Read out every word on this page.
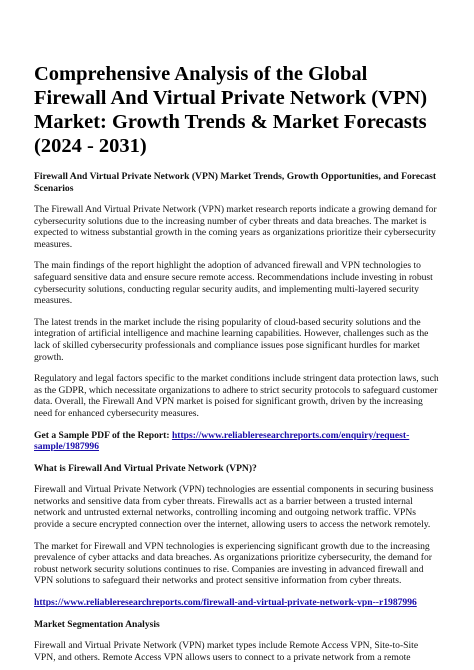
Comprehensive Analysis of the Global Firewall And Virtual Private Network (VPN) Market: Growth Trends & Market Forecasts (2024 - 2031)
Firewall And Virtual Private Network (VPN) Market Trends, Growth Opportunities, and Forecast Scenarios

The Firewall And Virtual Private Network (VPN) market research reports indicate a growing demand for cybersecurity solutions due to the increasing number of cyber threats and data breaches. The market is expected to witness substantial growth in the coming years as organizations prioritize their cybersecurity measures.

The main findings of the report highlight the adoption of advanced firewall and VPN technologies to safeguard sensitive data and ensure secure remote access. Recommendations include investing in robust cybersecurity solutions, conducting regular security audits, and implementing multi-layered security measures.

The latest trends in the market include the rising popularity of cloud-based security solutions and the integration of artificial intelligence and machine learning capabilities. However, challenges such as the lack of skilled cybersecurity professionals and compliance issues pose significant hurdles for market growth.

Regulatory and legal factors specific to the market conditions include stringent data protection laws, such as the GDPR, which necessitate organizations to adhere to strict security protocols to safeguard customer data. Overall, the Firewall And VPN market is poised for significant growth, driven by the increasing need for enhanced cybersecurity measures.

Get a Sample PDF of the Report: https://www.reliableresearchreports.com/enquiry/request-sample/1987996

What is Firewall And Virtual Private Network (VPN)?

Firewall and Virtual Private Network (VPN) technologies are essential components in securing business networks and sensitive data from cyber threats. Firewalls act as a barrier between a trusted internal network and untrusted external networks, controlling incoming and outgoing network traffic. VPNs provide a secure encrypted connection over the internet, allowing users to access the network remotely.

The market for Firewall and VPN technologies is experiencing significant growth due to the increasing prevalence of cyber attacks and data breaches. As organizations prioritize cybersecurity, the demand for robust network security solutions continues to rise. Companies are investing in advanced firewall and VPN solutions to safeguard their networks and protect sensitive information from cyber threats.

https://www.reliableresearchreports.com/firewall-and-virtual-private-network-vpn--r1987996

Market Segmentation Analysis

Firewall and Virtual Private Network (VPN) market types include Remote Access VPN, Site-to-Site VPN, and others. Remote Access VPN allows users to connect to a private network from a remote
